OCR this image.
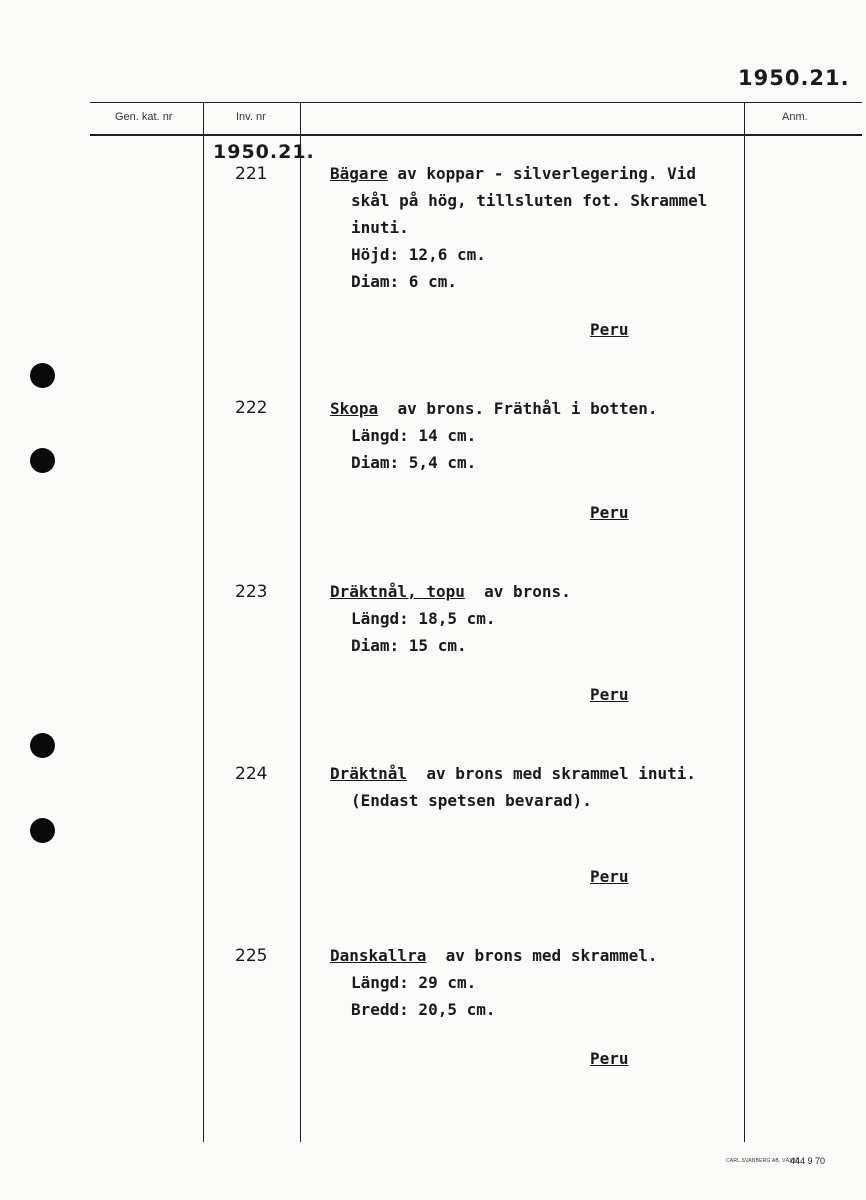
1950.21.
Gen. kat. nr	Inv. nr	Anm.
1950.21.
221	Bägare av koppar - silverlegering. Vid
skål på hög, tillsluten fot. Skrammel
inuti.
Höjd: 12,6 cm.
Diam: 6 cm.
Peru
222	Skopa  av brons. Fräthål i botten.
Längd: 14 cm.
Diam: 5,4 cm.
Peru
223	Dräktnål, topu  av brons.
Längd: 18,5 cm.
Diam: 15 cm.
Peru
224	Dräktnål  av brons med skrammel inuti.
(Endast spetsen bevarad).
Peru
225	Danskallra  av brons med skrammel.
Längd: 29 cm.
Bredd: 20,5 cm.
Peru
CARL SVANBERG AB, VÄXJÖ
444 9 70
